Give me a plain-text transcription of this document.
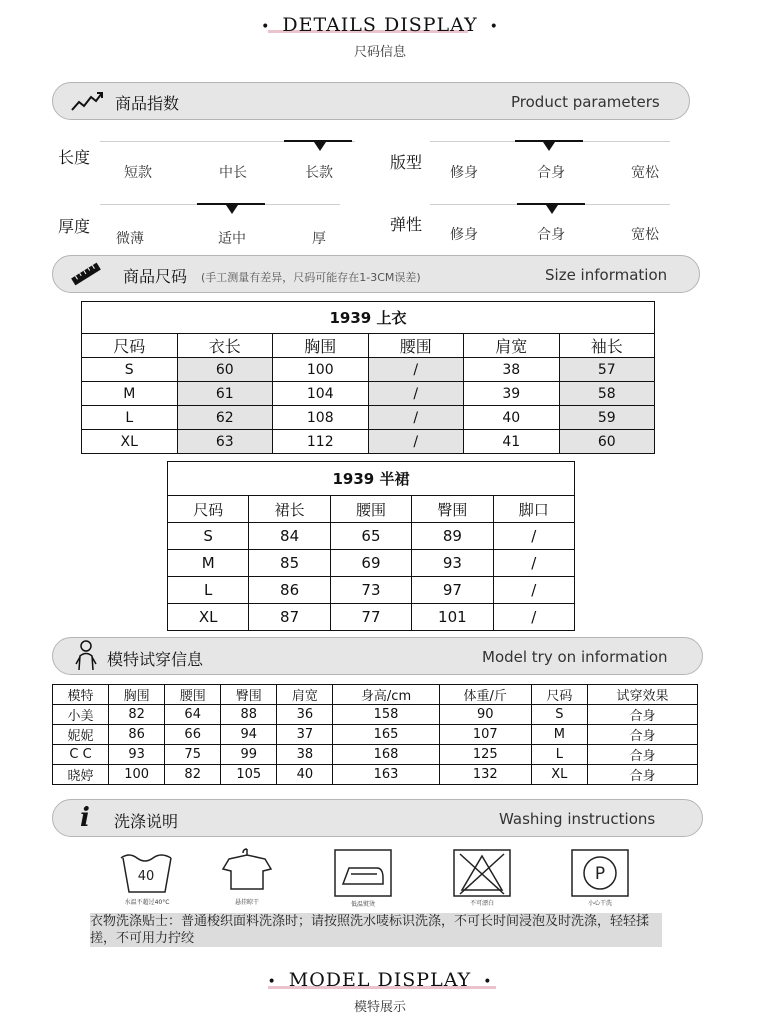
• DETAILS DISPLAY •
尺码信息
商品指数	Product parameters
长度
短款	中长	长款
版型
修身	合身	宽松
厚度
微薄	适中	厚
弹性
修身	合身	宽松
商品尺码 (手工测量有差异，尺码可能存在1-3CM误差)	Size information
1939 上衣					
尺码	衣长	胸围	腰围	肩宽	袖长
S	60	100	/	38	57
M	61	104	/	39	58
L	62	108	/	40	59
XL	63	112	/	41	60
1939 半裙				
尺码	裙长	腰围	臀围	脚口
S	84	65	89	/
M	85	69	93	/
L	86	73	97	/
XL	87	77	101	/
模特试穿信息	Model try on information
模特	胸围	腰围	臀围	肩宽	身高/cm	体重/斤	尺码	试穿效果
小美	82	64	88	36	158	90	S	合身
妮妮	86	66	94	37	165	107	M	合身
C C	93	75	99	38	168	125	L	合身
晓婷	100	82	105	40	163	132	XL	合身
i 洗涤说明	Washing instructions
40
水温不超过40°C	悬挂晾干	低温熨烫	不可漂白
P
小心干洗
衣物洗涤贴士：普通梭织面料洗涤时；请按照洗水唛标识洗涤，不可长时间浸泡及时洗涤，轻轻揉搓，不可用力拧绞
• MODEL DISPLAY •
模特展示
